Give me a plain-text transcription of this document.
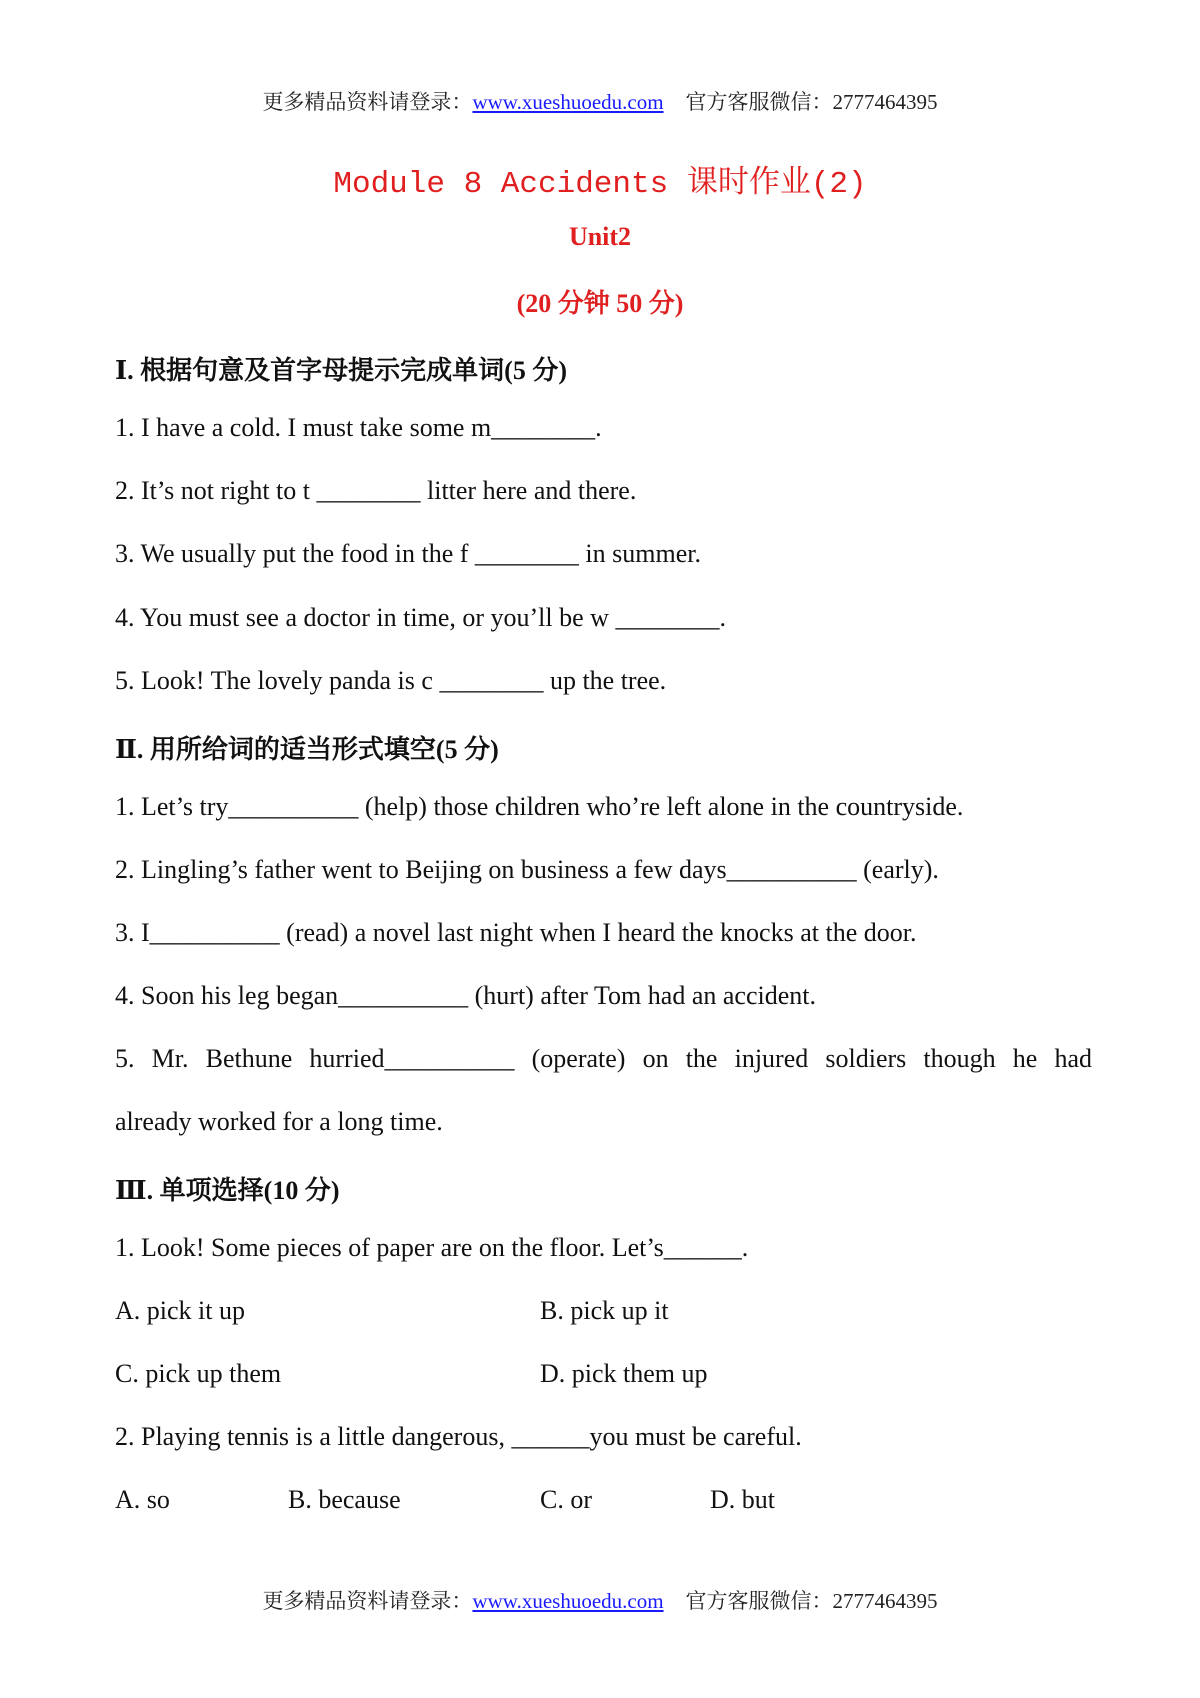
更多精品资料请登录：www.xueshuoedu.com 官方客服微信：2777464395
Module 8 Accidents 课时作业(2)
Unit2
(20 分钟 50 分)
Ⅰ. 根据句意及首字母提示完成单词(5 分)
1. I have a cold. I must take some m________.
2. It’s not right to t ________ litter here and there.
3. We usually put the food in the f ________ in summer.
4. You must see a doctor in time, or you’ll be w ________.
5. Look! The lovely panda is c ________ up the tree.
Ⅱ. 用所给词的适当形式填空(5 分)
1. Let’s try__________ (help) those children who’re left alone in the countryside.
2. Lingling’s father went to Beijing on business a few days__________ (early).
3. I__________ (read) a novel last night when I heard the knocks at the door.
4. Soon his leg began__________ (hurt) after Tom had an accident.
5. Mr. Bethune hurried__________ (operate) on the injured soldiers though he had
already worked for a long time.
Ⅲ. 单项选择(10 分)
1. Look! Some pieces of paper are on the floor. Let’s______.
A. pick it up	B. pick up it
C. pick up them	D. pick them up
2. Playing tennis is a little dangerous, ______you must be careful.
A. so	B. because	C. or	D. but
更多精品资料请登录：www.xueshuoedu.com 官方客服微信：2777464395
